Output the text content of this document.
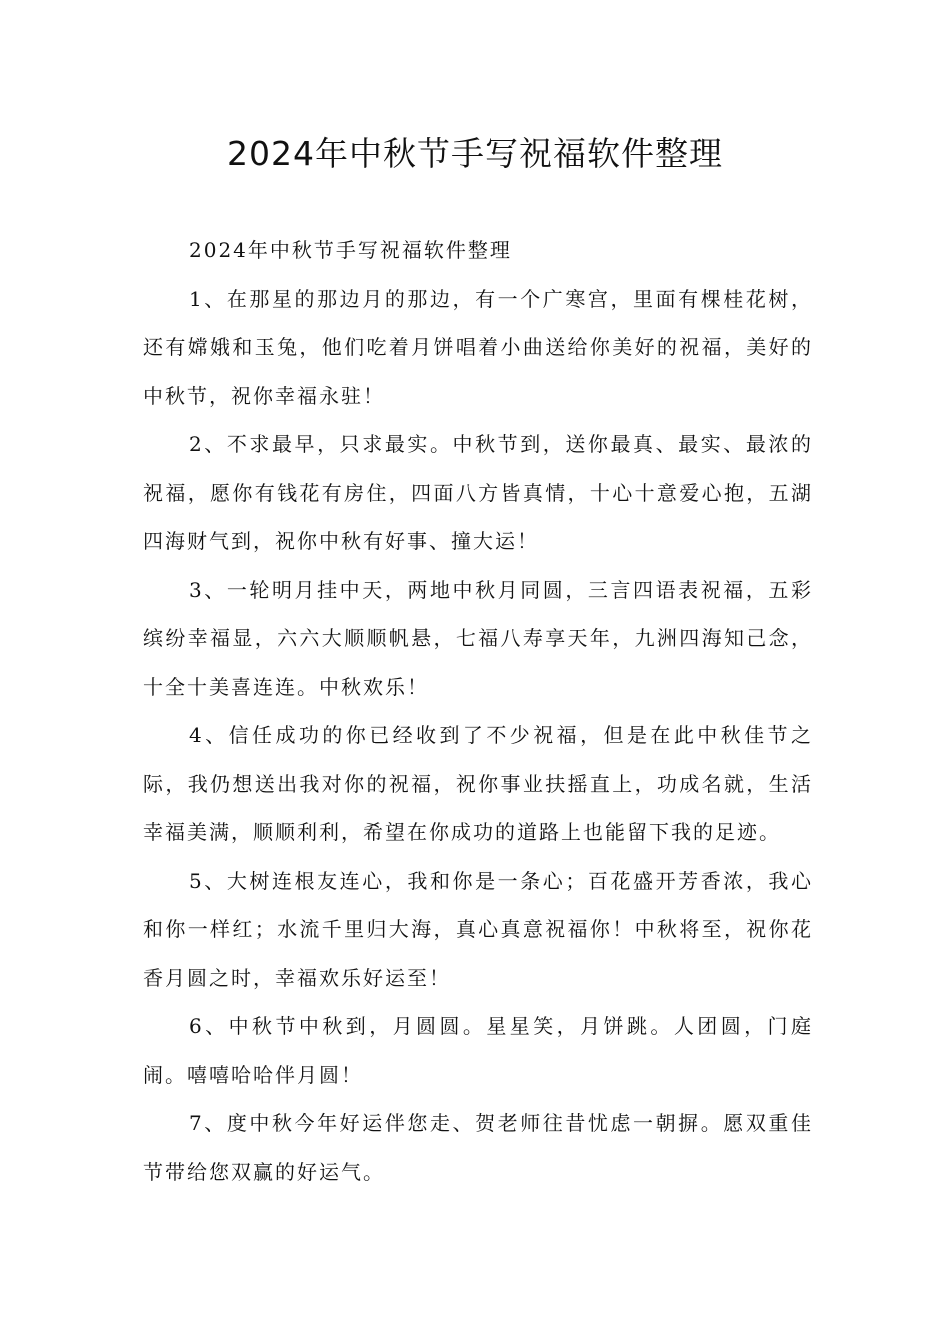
2024年中秋节手写祝福软件整理

2024年中秋节手写祝福软件整理

1、在那星的那边月的那边，有一个广寒宫，里面有棵桂花树，还有嫦娥和玉兔，他们吃着月饼唱着小曲送给你美好的祝福，美好的中秋节，祝你幸福永驻！

2、不求最早，只求最实。中秋节到，送你最真、最实、最浓的祝福，愿你有钱花有房住，四面八方皆真情，十心十意爱心抱，五湖四海财气到，祝你中秋有好事、撞大运！

3、一轮明月挂中天，两地中秋月同圆，三言四语表祝福，五彩缤纷幸福显，六六大顺顺帆悬，七福八寿享天年，九洲四海知己念，十全十美喜连连。中秋欢乐！

4、信任成功的你已经收到了不少祝福，但是在此中秋佳节之际，我仍想送出我对你的祝福，祝你事业扶摇直上，功成名就，生活幸福美满，顺顺利利，希望在你成功的道路上也能留下我的足迹。

5、大树连根友连心，我和你是一条心；百花盛开芳香浓，我心和你一样红；水流千里归大海，真心真意祝福你！中秋将至，祝你花香月圆之时，幸福欢乐好运至！

6、中秋节中秋到，月圆圆。星星笑，月饼跳。人团圆，门庭闹。嘻嘻哈哈伴月圆！

7、度中秋今年好运伴您走、贺老师往昔忧虑一朝摒。愿双重佳节带给您双赢的好运气。
